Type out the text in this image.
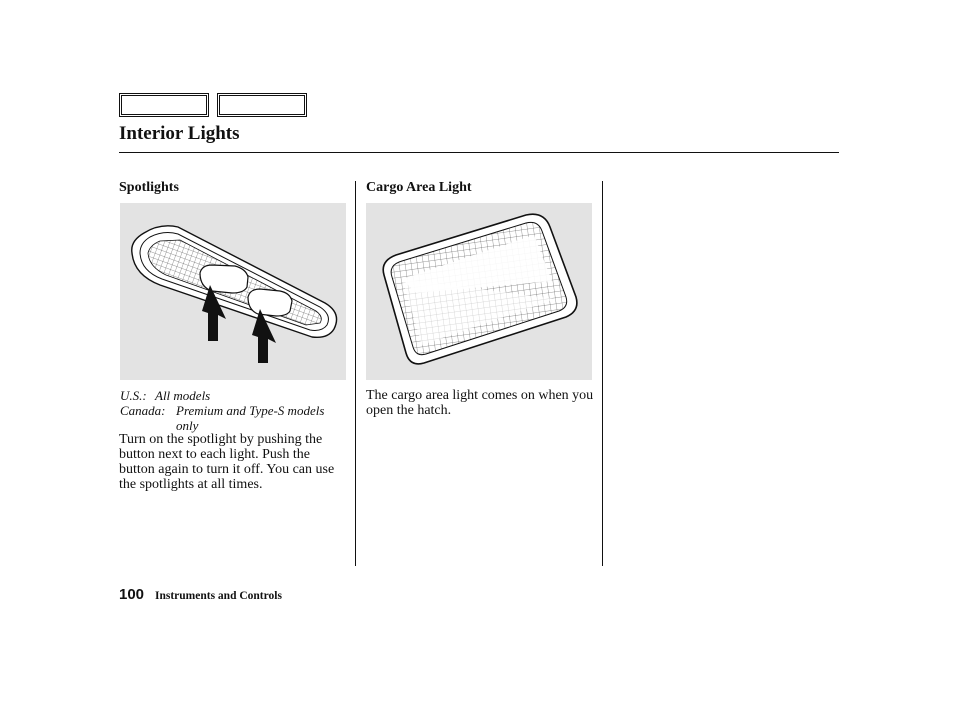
Interior Lights
Spotlights
U.S.: All models
Canada: Premium and Type-S models only

Turn on the spotlight by pushing the button next to each light. Push the button again to turn it off. You can use the spotlights at all times.

Cargo Area Light

The cargo area light comes on when you open the hatch.

100 Instruments and Controls
